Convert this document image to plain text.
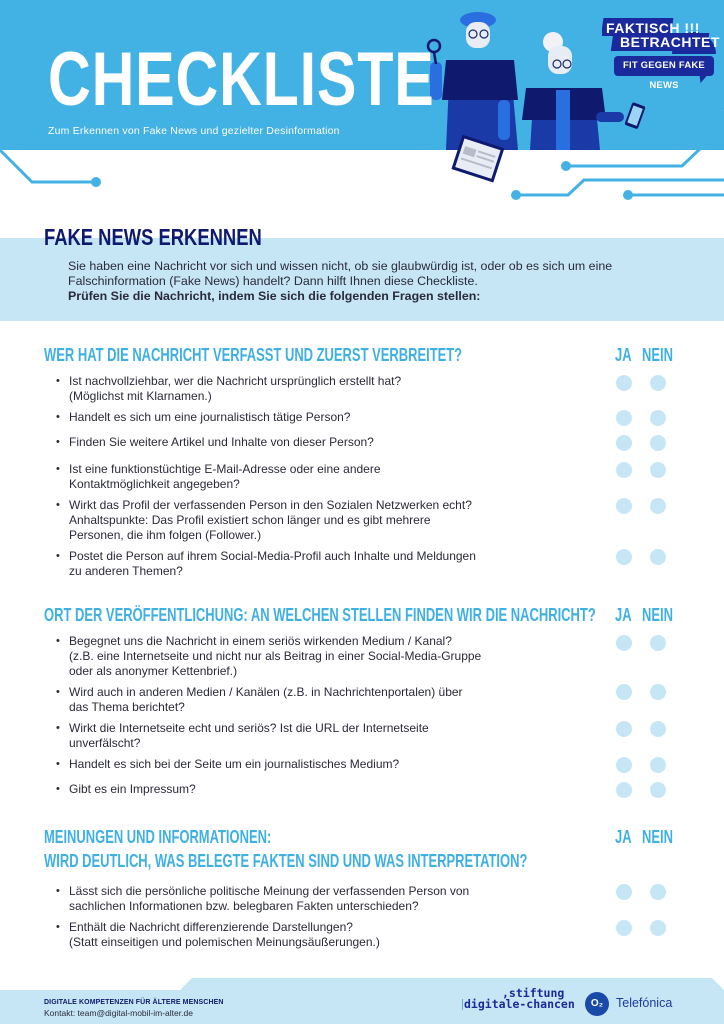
CHECKLISTE
Zum Erkennen von Fake News und gezielter Desinformation
FAKTISCH !!!
BETRACHTET
FIT GEGEN FAKE NEWS
FAKE NEWS ERKENNEN
Sie haben eine Nachricht vor sich und wissen nicht, ob sie glaubwürdig ist, oder ob es sich um eine
Falschinformation (Fake News) handelt? Dann hilft Ihnen diese Checkliste.
Prüfen Sie die Nachricht, indem Sie sich die folgenden Fragen stellen:
WER HAT DIE NACHRICHT VERFASST UND ZUERST VERBREITET?	JA NEIN
• Ist nachvollziehbar, wer die Nachricht ursprünglich erstellt hat?
(Möglichst mit Klarnamen.)
• Handelt es sich um eine journalistisch tätige Person?
• Finden Sie weitere Artikel und Inhalte von dieser Person?
• Ist eine funktionstüchtige E-Mail-Adresse oder eine andere
Kontaktmöglichkeit angegeben?
• Wirkt das Profil der verfassenden Person in den Sozialen Netzwerken echt?
Anhaltspunkte: Das Profil existiert schon länger und es gibt mehrere
Personen, die ihm folgen (Follower.)
• Postet die Person auf ihrem Social-Media-Profil auch Inhalte und Meldungen
zu anderen Themen?
ORT DER VERÖFFENTLICHUNG: AN WELCHEN STELLEN FINDEN WIR DIE NACHRICHT? JA NEIN
• Begegnet uns die Nachricht in einem seriös wirkenden Medium / Kanal?
(z.B. eine Internetseite und nicht nur als Beitrag in einer Social-Media-Gruppe
oder als anonymer Kettenbrief.)
• Wird auch in anderen Medien / Kanälen (z.B. in Nachrichtenportalen) über
das Thema berichtet?
• Wirkt die Internetseite echt und seriös? Ist die URL der Internetseite
unverfälscht?
• Handelt es sich bei der Seite um ein journalistisches Medium?
• Gibt es ein Impressum?
MEINUNGEN UND INFORMATIONEN:
WIRD DEUTLICH, WAS BELEGTE FAKTEN SIND UND WAS INTERPRETATION?
JA NEIN
• Lässt sich die persönliche politische Meinung der verfassenden Person von
sachlichen Informationen bzw. belegbaren Fakten unterschieden?
• Enthält die Nachricht differenzierende Darstellungen?
(Statt einseitigen und polemischen Meinungsäußerungen.)
DIGITALE KOMPETENZEN FÜR ÄLTERE MENSCHEN
Kontakt: team@digital-mobil-im-alter.de
,stiftung
digitale-chancen	O₂	Telefónica
